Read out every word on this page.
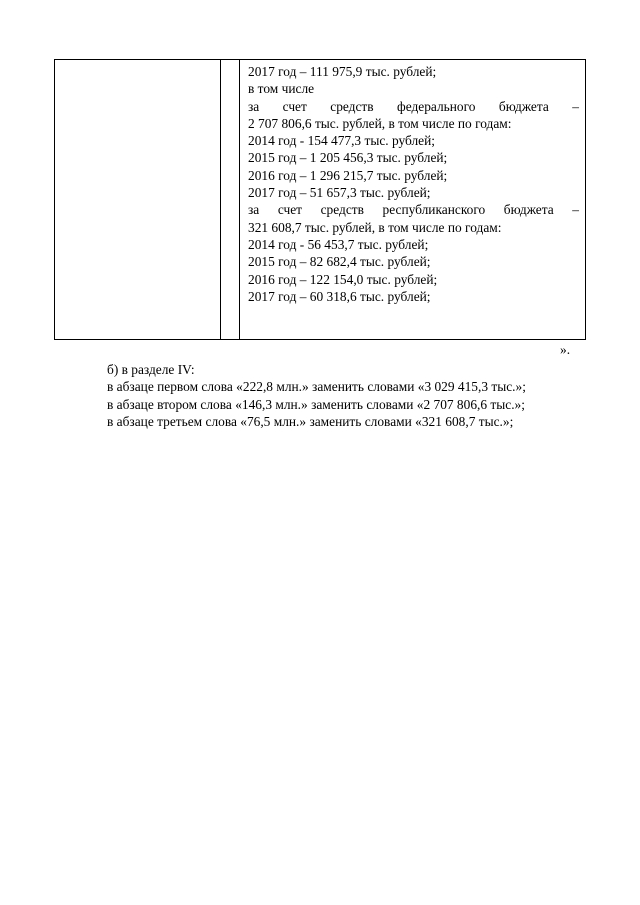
2017 год – 111 975,9 тыс. рублей;
в том числе
за счет средств федерального бюджета –
2 707 806,6 тыс. рублей, в том числе по годам:
2014 год - 154 477,3 тыс. рублей;
2015 год – 1 205 456,3 тыс. рублей;
2016 год – 1 296 215,7 тыс. рублей;
2017 год – 51 657,3 тыс. рублей;
за счет средств республиканского бюджета –
321 608,7 тыс. рублей, в том числе по годам:
2014 год - 56 453,7 тыс. рублей;
2015 год – 82 682,4 тыс. рублей;
2016 год – 122 154,0 тыс. рублей;
2017 год – 60 318,6 тыс. рублей;
».
б) в разделе IV:
в абзаце первом слова «222,8 млн.» заменить словами «3 029 415,3 тыс.»;
в абзаце втором слова «146,3 млн.» заменить словами «2 707 806,6 тыс.»;
в абзаце третьем слова «76,5 млн.» заменить словами «321 608,7 тыс.»;
